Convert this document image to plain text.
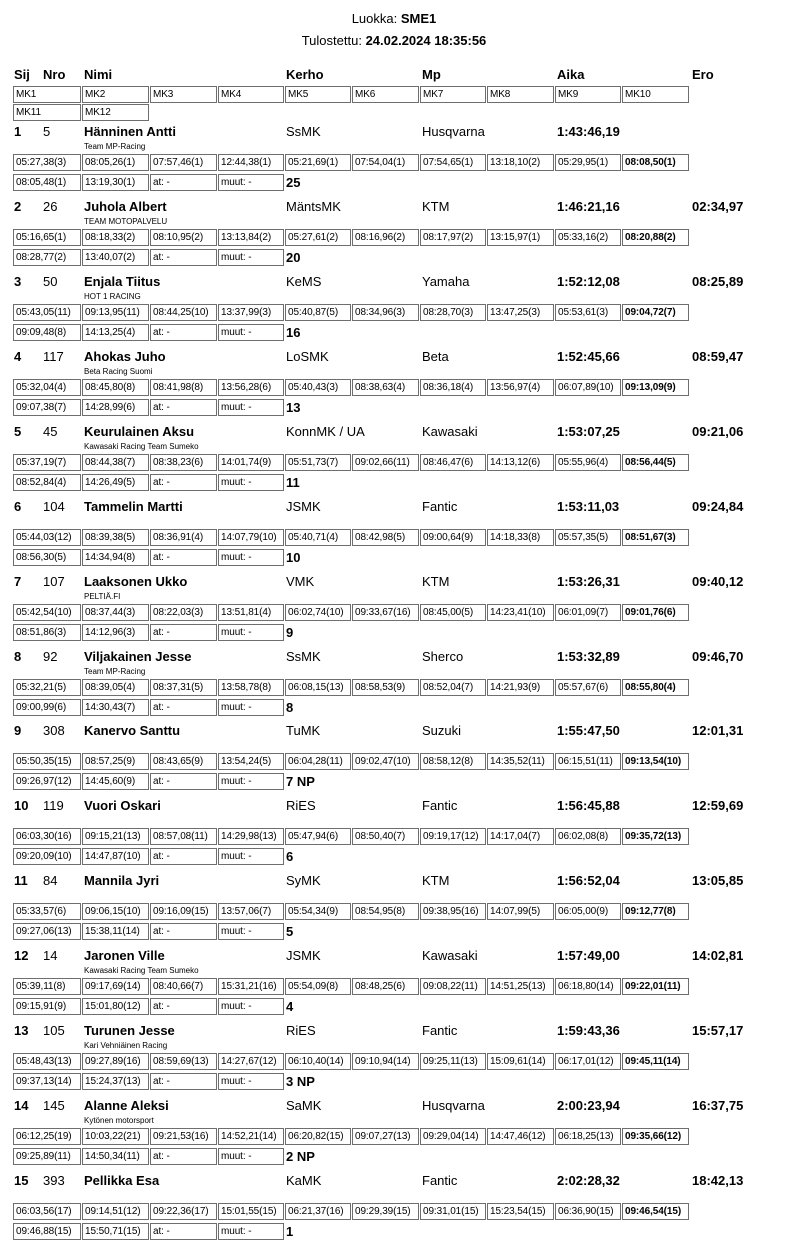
Luokka: SME1
Tulostettu: 24.02.2024 18:35:56
Sij Nro Nimi	Kerho	Mp	Aika	Ero
MK1	MK2	MK3	MK4	MK5	MK6	MK7	MK8	MK9	MK10
MK11	MK12
1 5	Hänninen Antti	SsMK	Husqvarna	1:43:46,19
Team MP-Racing
05:27,38(3)	08:05,26(1)	07:57,46(1)	12:44,38(1)	05:21,69(1)	07:54,04(1)	07:54,65(1)	13:18,10(2)	05:29,95(1)	08:08,50(1)
08:05,48(1)	13:19,30(1)	at: -	muut: -	25
2 26 Juhola Albert	MäntsMK	KTM	1:46:21,16	02:34,97
TEAM MOTOPALVELU
05:16,65(1)	08:18,33(2)	08:10,95(2)	13:13,84(2)	05:27,61(2)	08:16,96(2)	08:17,97(2)	13:15,97(1)	05:33,16(2)	08:20,88(2)
08:28,77(2)	13:40,07(2)	at: -	muut: -	20
3 50 Enjala Tiitus	KeMS	Yamaha	1:52:12,08	08:25,89
HOT 1 RACING
05:43,05(11)	09:13,95(11)	08:44,25(10)	13:37,99(3)	05:40,87(5)	08:34,96(3)	08:28,70(3)	13:47,25(3)	05:53,61(3)	09:04,72(7)
09:09,48(8)	14:13,25(4)	at: -	muut: -	16
4 117 Ahokas Juho	LoSMK	Beta	1:52:45,66	08:59,47
Beta Racing Suomi
05:32,04(4)	08:45,80(8)	08:41,98(8)	13:56,28(6)	05:40,43(3)	08:38,63(4)	08:36,18(4)	13:56,97(4)	06:07,89(10)	09:13,09(9)
09:07,38(7)	14:28,99(6)	at: -	muut: -	13
5 45 Keurulainen Aksu	KonnMK / UA	Kawasaki	1:53:07,25	09:21,06
Kawasaki Racing Team Sumeko
05:37,19(7)	08:44,38(7)	08:38,23(6)	14:01,74(9)	05:51,73(7)	09:02,66(11)	08:46,47(6)	14:13,12(6)	05:55,96(4)	08:56,44(5)
08:52,84(4)	14:26,49(5)	at: -	muut: -	11
6 104 Tammelin Martti	JSMK	Fantic	1:53:11,03	09:24,84
05:44,03(12)	08:39,38(5)	08:36,91(4)	14:07,79(10)	05:40,71(4)	08:42,98(5)	09:00,64(9)	14:18,33(8)	05:57,35(5)	08:51,67(3)
08:56,30(5)	14:34,94(8)	at: -	muut: -	10
7 107 Laaksonen Ukko	VMK	KTM	1:53:26,31	09:40,12
PELTIÄ.FI
05:42,54(10)	08:37,44(3)	08:22,03(3)	13:51,81(4)	06:02,74(10)	09:33,67(16)	08:45,00(5)	14:23,41(10)	06:01,09(7)	09:01,76(6)
08:51,86(3)	14:12,96(3)	at: -	muut: -	9
8 92 Viljakainen Jesse	SsMK	Sherco	1:53:32,89	09:46,70
Team MP-Racing
05:32,21(5)	08:39,05(4)	08:37,31(5)	13:58,78(8)	06:08,15(13)	08:58,53(9)	08:52,04(7)	14:21,93(9)	05:57,67(6)	08:55,80(4)
09:00,99(6)	14:30,43(7)	at: -	muut: -	8
9 308 Kanervo Santtu	TuMK	Suzuki	1:55:47,50	12:01,31
05:50,35(15)	08:57,25(9)	08:43,65(9)	13:54,24(5)	06:04,28(11)	09:02,47(10)	08:58,12(8)	14:35,52(11)	06:15,51(11)	09:13,54(10)
09:26,97(12)	14:45,60(9)	at: -	muut: -	7 NP
10 119 Vuori Oskari	RiES	Fantic	1:56:45,88	12:59,69
06:03,30(16)	09:15,21(13)	08:57,08(11)	14:29,98(13)	05:47,94(6)	08:50,40(7)	09:19,17(12)	14:17,04(7)	06:02,08(8)	09:35,72(13)
09:20,09(10)	14:47,87(10)	at: -	muut: -	6
11 84 Mannila Jyri	SyMK	KTM	1:56:52,04	13:05,85
05:33,57(6)	09:06,15(10)	09:16,09(15)	13:57,06(7)	05:54,34(9)	08:54,95(8)	09:38,95(16)	14:07,99(5)	06:05,00(9)	09:12,77(8)
09:27,06(13)	15:38,11(14)	at: -	muut: -	5
12 14 Jaronen Ville	JSMK	Kawasaki	1:57:49,00	14:02,81
Kawasaki Racing Team Sumeko
05:39,11(8)	09:17,69(14)	08:40,66(7)	15:31,21(16)	05:54,09(8)	08:48,25(6)	09:08,22(11)	14:51,25(13)	06:18,80(14)	09:22,01(11)
09:15,91(9)	15:01,80(12)	at: -	muut: -	4
13 105 Turunen Jesse	RiES	Fantic	1:59:43,36	15:57,17
Kari Vehniäinen Racing
05:48,43(13)	09:27,89(16)	08:59,69(13)	14:27,67(12)	06:10,40(14)	09:10,94(14)	09:25,11(13)	15:09,61(14)	06:17,01(12)	09:45,11(14)
09:37,13(14)	15:24,37(13)	at: -	muut: -	3 NP
14 145 Alanne Aleksi	SaMK	Husqvarna	2:00:23,94	16:37,75
Kytönen motorsport
06:12,25(19)	10:03,22(21)	09:21,53(16)	14:52,21(14)	06:20,82(15)	09:07,27(13)	09:29,04(14)	14:47,46(12)	06:18,25(13)	09:35,66(12)
09:25,89(11)	14:50,34(11)	at: -	muut: -	2 NP
15 393 Pellikka Esa	KaMK	Fantic	2:02:28,32	18:42,13
06:03,56(17)	09:14,51(12)	09:22,36(17)	15:01,55(15)	06:21,37(16)	09:29,39(15)	09:31,01(15)	15:23,54(15)	06:36,90(15)	09:46,54(15)
09:46,88(15)	15:50,71(15)	at: -	muut: -	1
